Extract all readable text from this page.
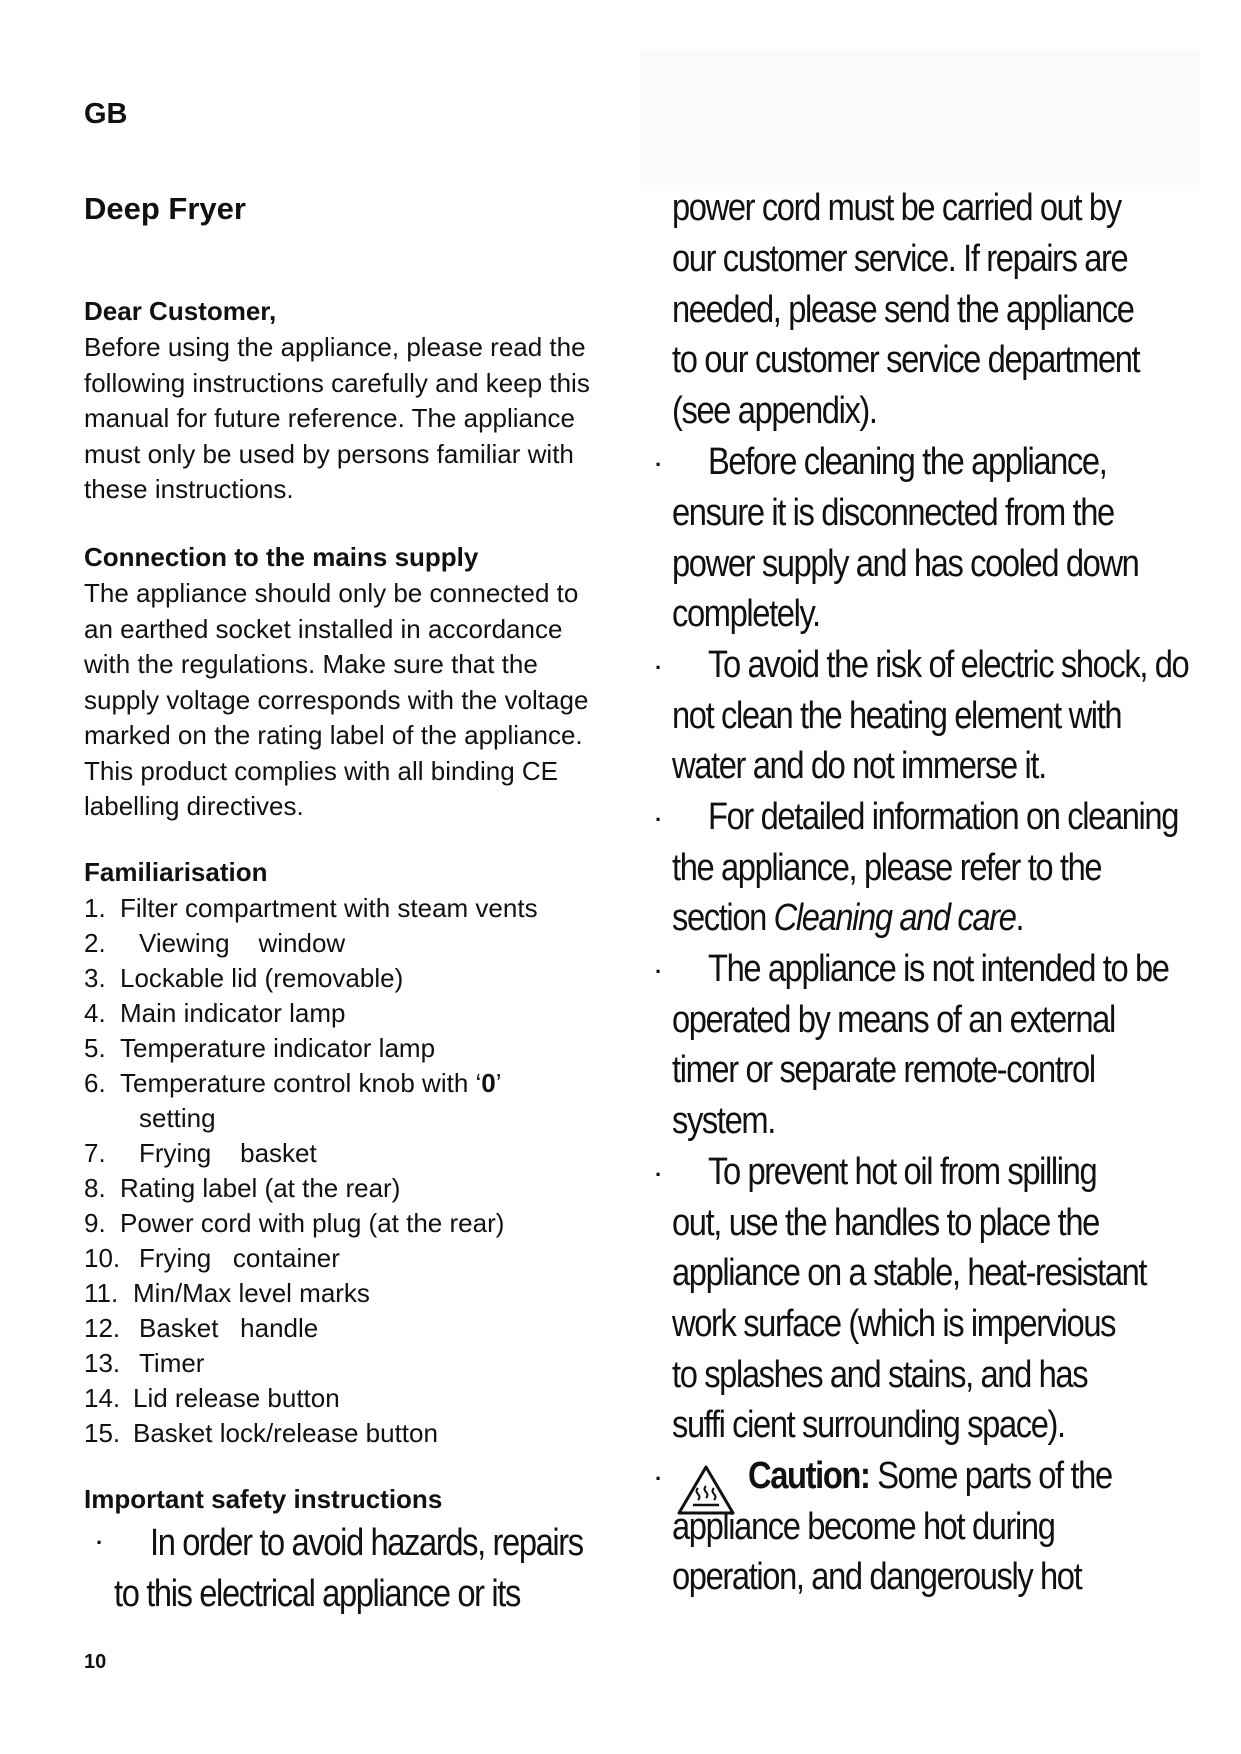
GB
Deep Fryer
Dear Customer,
Before using the appliance, please read the
following instructions carefully and keep this
manual for future reference. The appliance
must only be used by persons familiar with
these instructions.
Connection to the mains supply
The appliance should only be connected to
an earthed socket installed in accordance
with the regulations. Make sure that the
supply voltage corresponds with the voltage
marked on the rating label of the appliance.
This product complies with all binding CE
labelling directives.
Familiarisation
1. Filter compartment with steam vents
2. Viewing    window
3. Lockable lid (removable)
4. Main indicator lamp
5. Temperature indicator lamp
6. Temperature control knob with ‘0’
setting
7. Frying    basket
8. Rating label (at the rear)
9. Power cord with plug (at the rear)
10. Frying   container
11. Min/Max level marks
12. Basket   handle
13. Timer
14. Lid release button
15. Basket lock/release button
Important safety instructions
· In order to avoid hazards, repairs
to this electrical appliance or its
power cord must be carried out by
our customer service. If repairs are
needed, please send the appliance
to our customer service department
(see appendix).
· Before cleaning the appliance,
ensure it is disconnected from the
power supply and has cooled down
completely.
· To avoid the risk of electric shock, do
not clean the heating element with
water and do not immerse it.
· For detailed information on cleaning
the appliance, please refer to the
section Cleaning and care.
· The appliance is not intended to be
operated by means of an external
timer or separate remote-control
system.
· To prevent hot oil from spilling
out, use the handles to place the
appliance on a stable, heat-resistant
work surface (which is impervious
to splashes and stains, and has
suffi cient surrounding space).
· Caution: Some parts of the
appliance become hot during
operation, and dangerously hot
10
